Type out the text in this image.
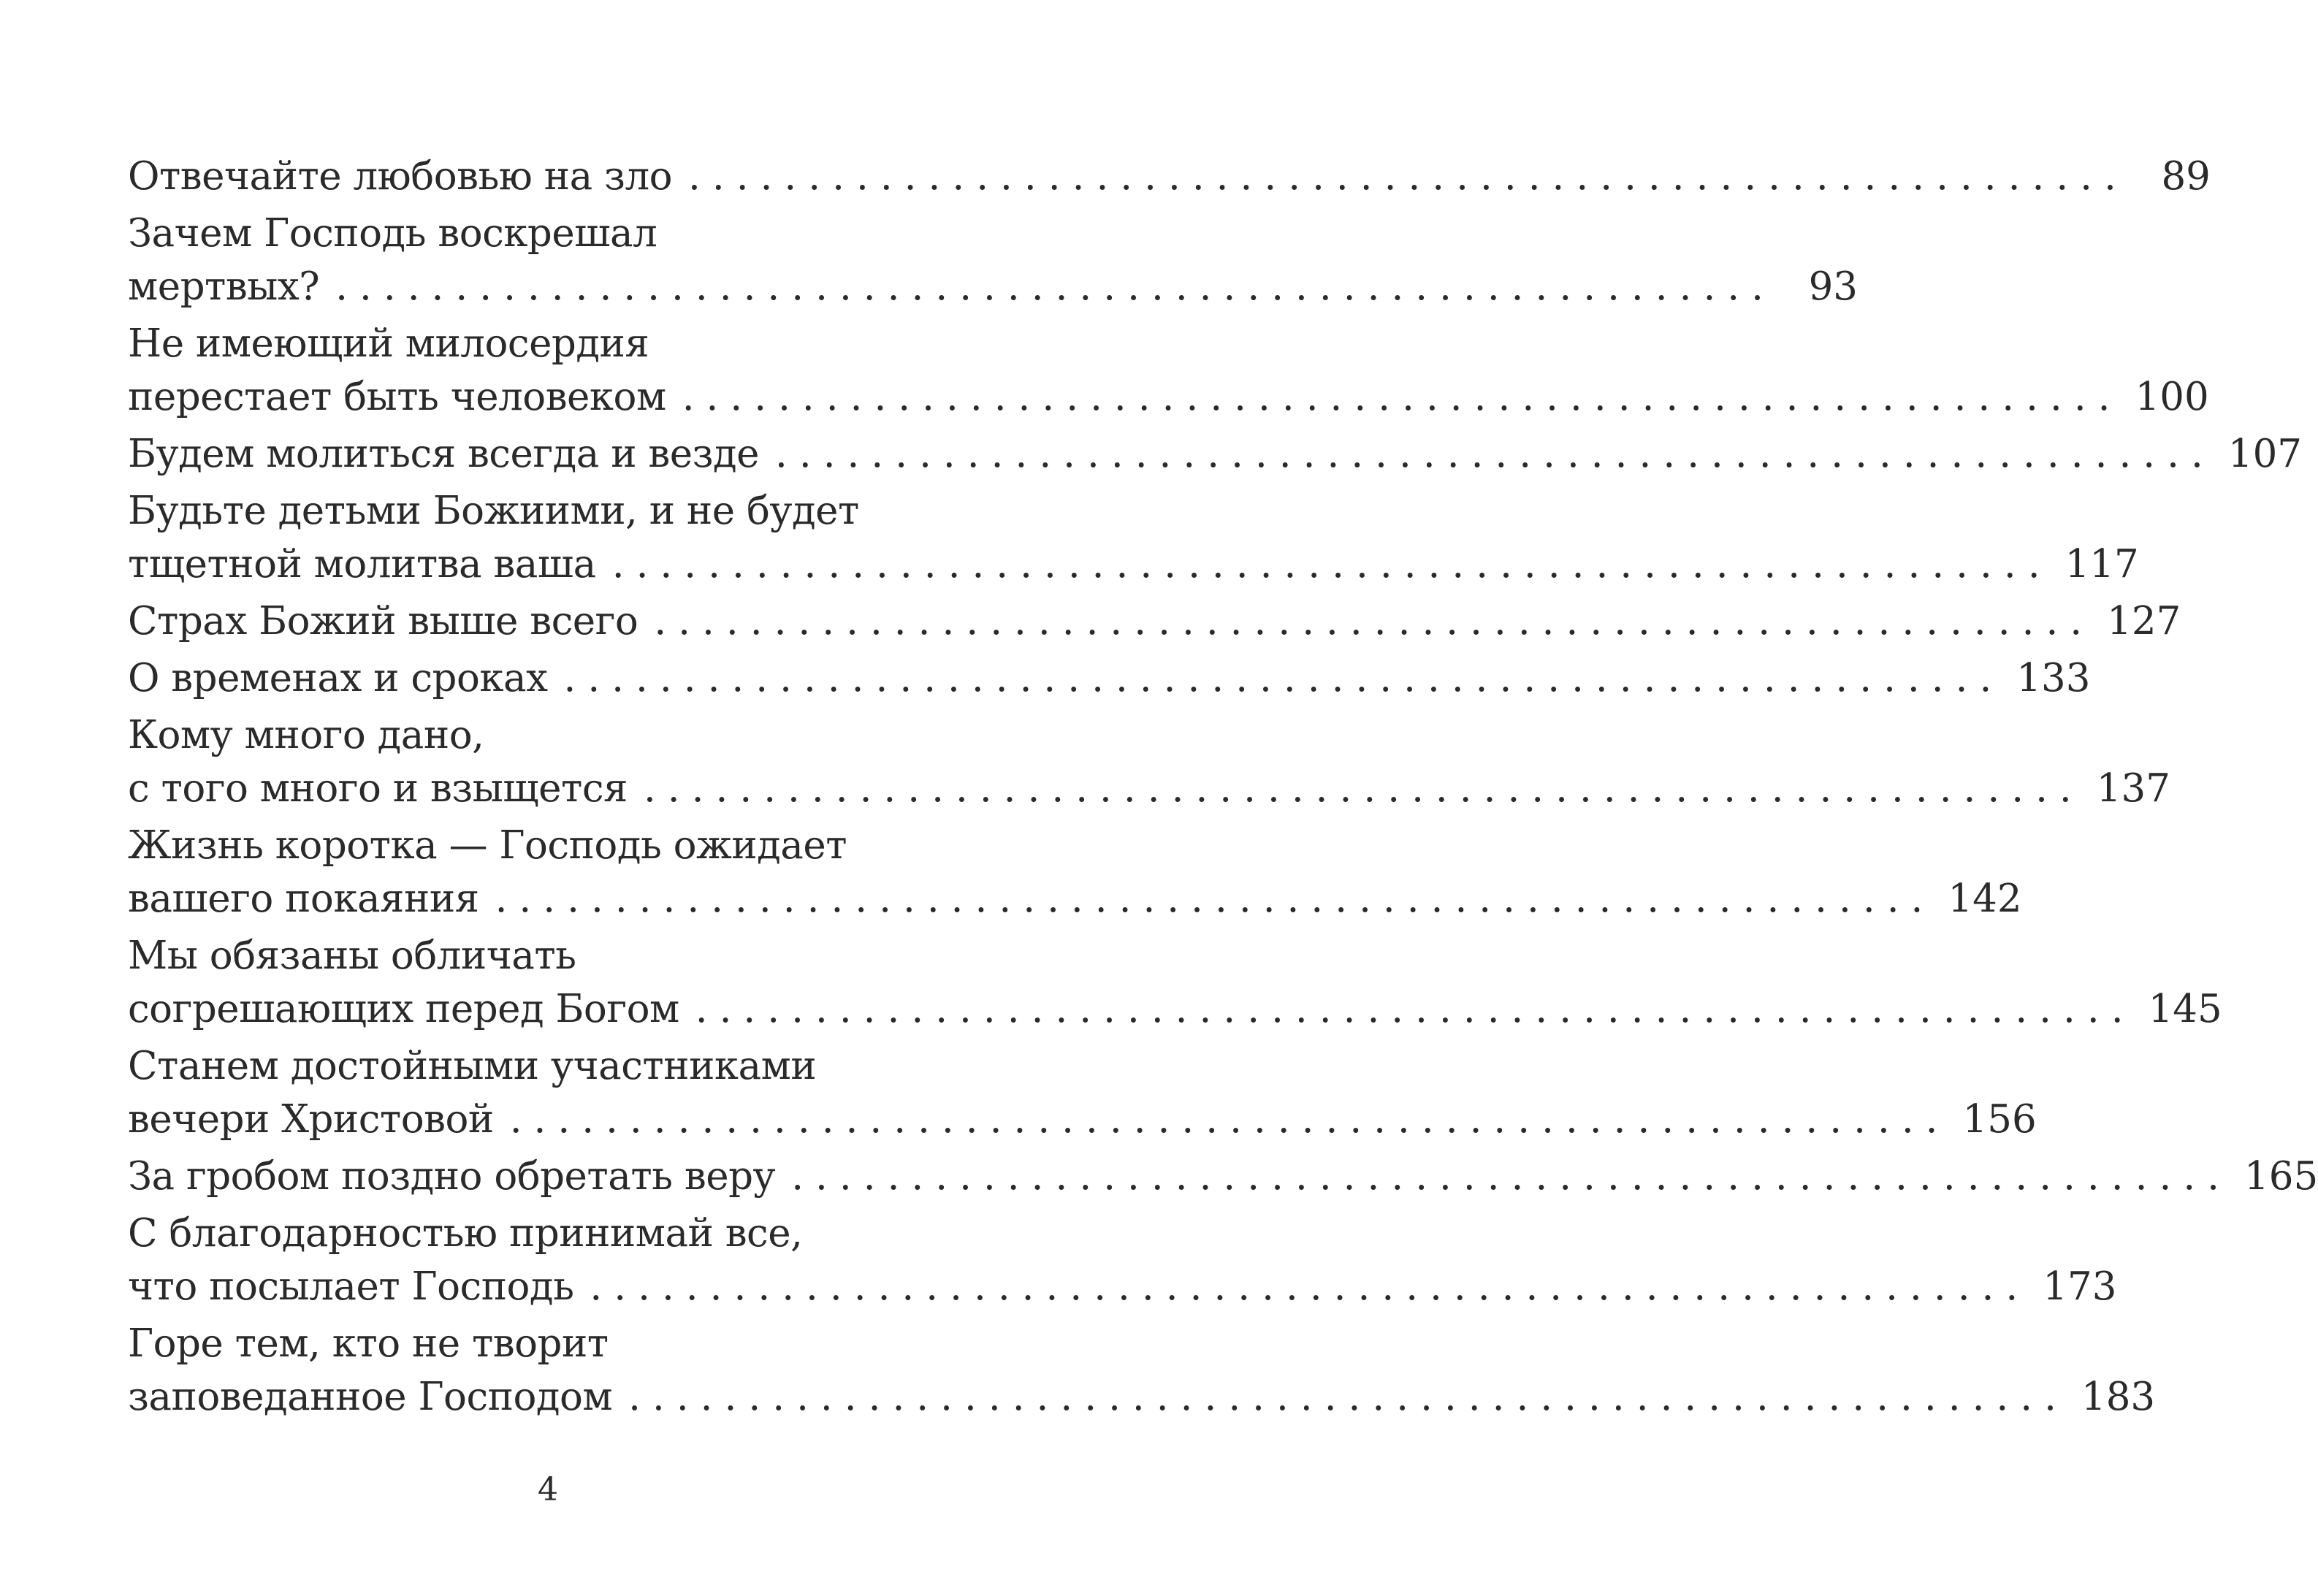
Отвечайте любовью на зло ............................................................ 89
Зачем Господь воскрешал
мертвых? ............................................................ 93
Не имеющий милосердия
перестает быть человеком ............................................................ 100
Будем молиться всегда и везде ............................................................ 107
Будьте детьми Божиими, и не будет
тщетной молитва ваша ............................................................ 117
Страх Божий выше всего ............................................................ 127
О временах и сроках ............................................................ 133
Кому много дано,
с того много и взыщется ............................................................ 137
Жизнь коротка — Господь ожидает
вашего покаяния ............................................................ 142
Мы обязаны обличать
согрешающих перед Богом ............................................................ 145
Станем достойными участниками
вечери Христовой ............................................................ 156
За гробом поздно обретать веру ............................................................ 165
С благодарностью принимай все,
что посылает Господь ............................................................ 173
Горе тем, кто не творит
заповеданное Господом ............................................................ 183
4
